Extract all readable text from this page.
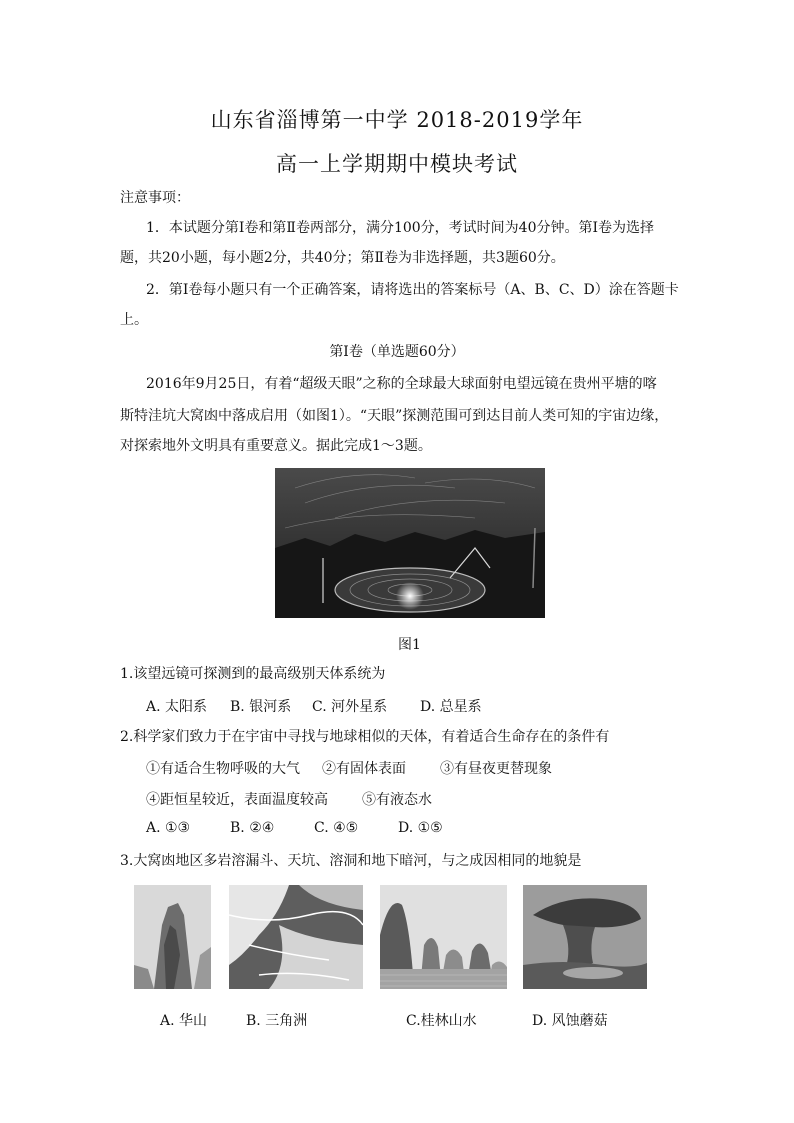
山东省淄博第一中学 2018-2019学年
高一上学期期中模块考试
注意事项：
1．本试题分第Ⅰ卷和第Ⅱ卷两部分，满分100分，考试时间为40分钟。第Ⅰ卷为选择
题，共20小题，每小题2分，共40分；第Ⅱ卷为非选择题，共3题60分。
2．第Ⅰ卷每小题只有一个正确答案，请将选出的答案标号（A、B、C、D）涂在答题卡
上。
第Ⅰ卷（单选题60分）
2016年9月25日，有着“超级天眼”之称的全球最大球面射电望远镜在贵州平塘的喀
斯特洼坑大窝凼中落成启用（如图1）。“天眼”探测范围可到达目前人类可知的宇宙边缘，
对探索地外文明具有重要意义。据此完成1～3题。
图1
1.该望远镜可探测到的最高级别天体系统为
A. 太阳系 B. 银河系 C. 河外星系 D. 总星系
2.科学家们致力于在宇宙中寻找与地球相似的天体，有着适合生命存在的条件有
①有适合生物呼吸的大气 ②有固体表面 ③有昼夜更替现象
④距恒星较近，表面温度较高 ⑤有液态水
A. ①③	B. ②④	C. ④⑤	D. ①⑤
3.大窝凼地区多岩溶漏斗、天坑、溶洞和地下暗河，与之成因相同的地貌是
A. 华山	B. 三角洲	C.桂林山水	D. 风蚀蘑菇
